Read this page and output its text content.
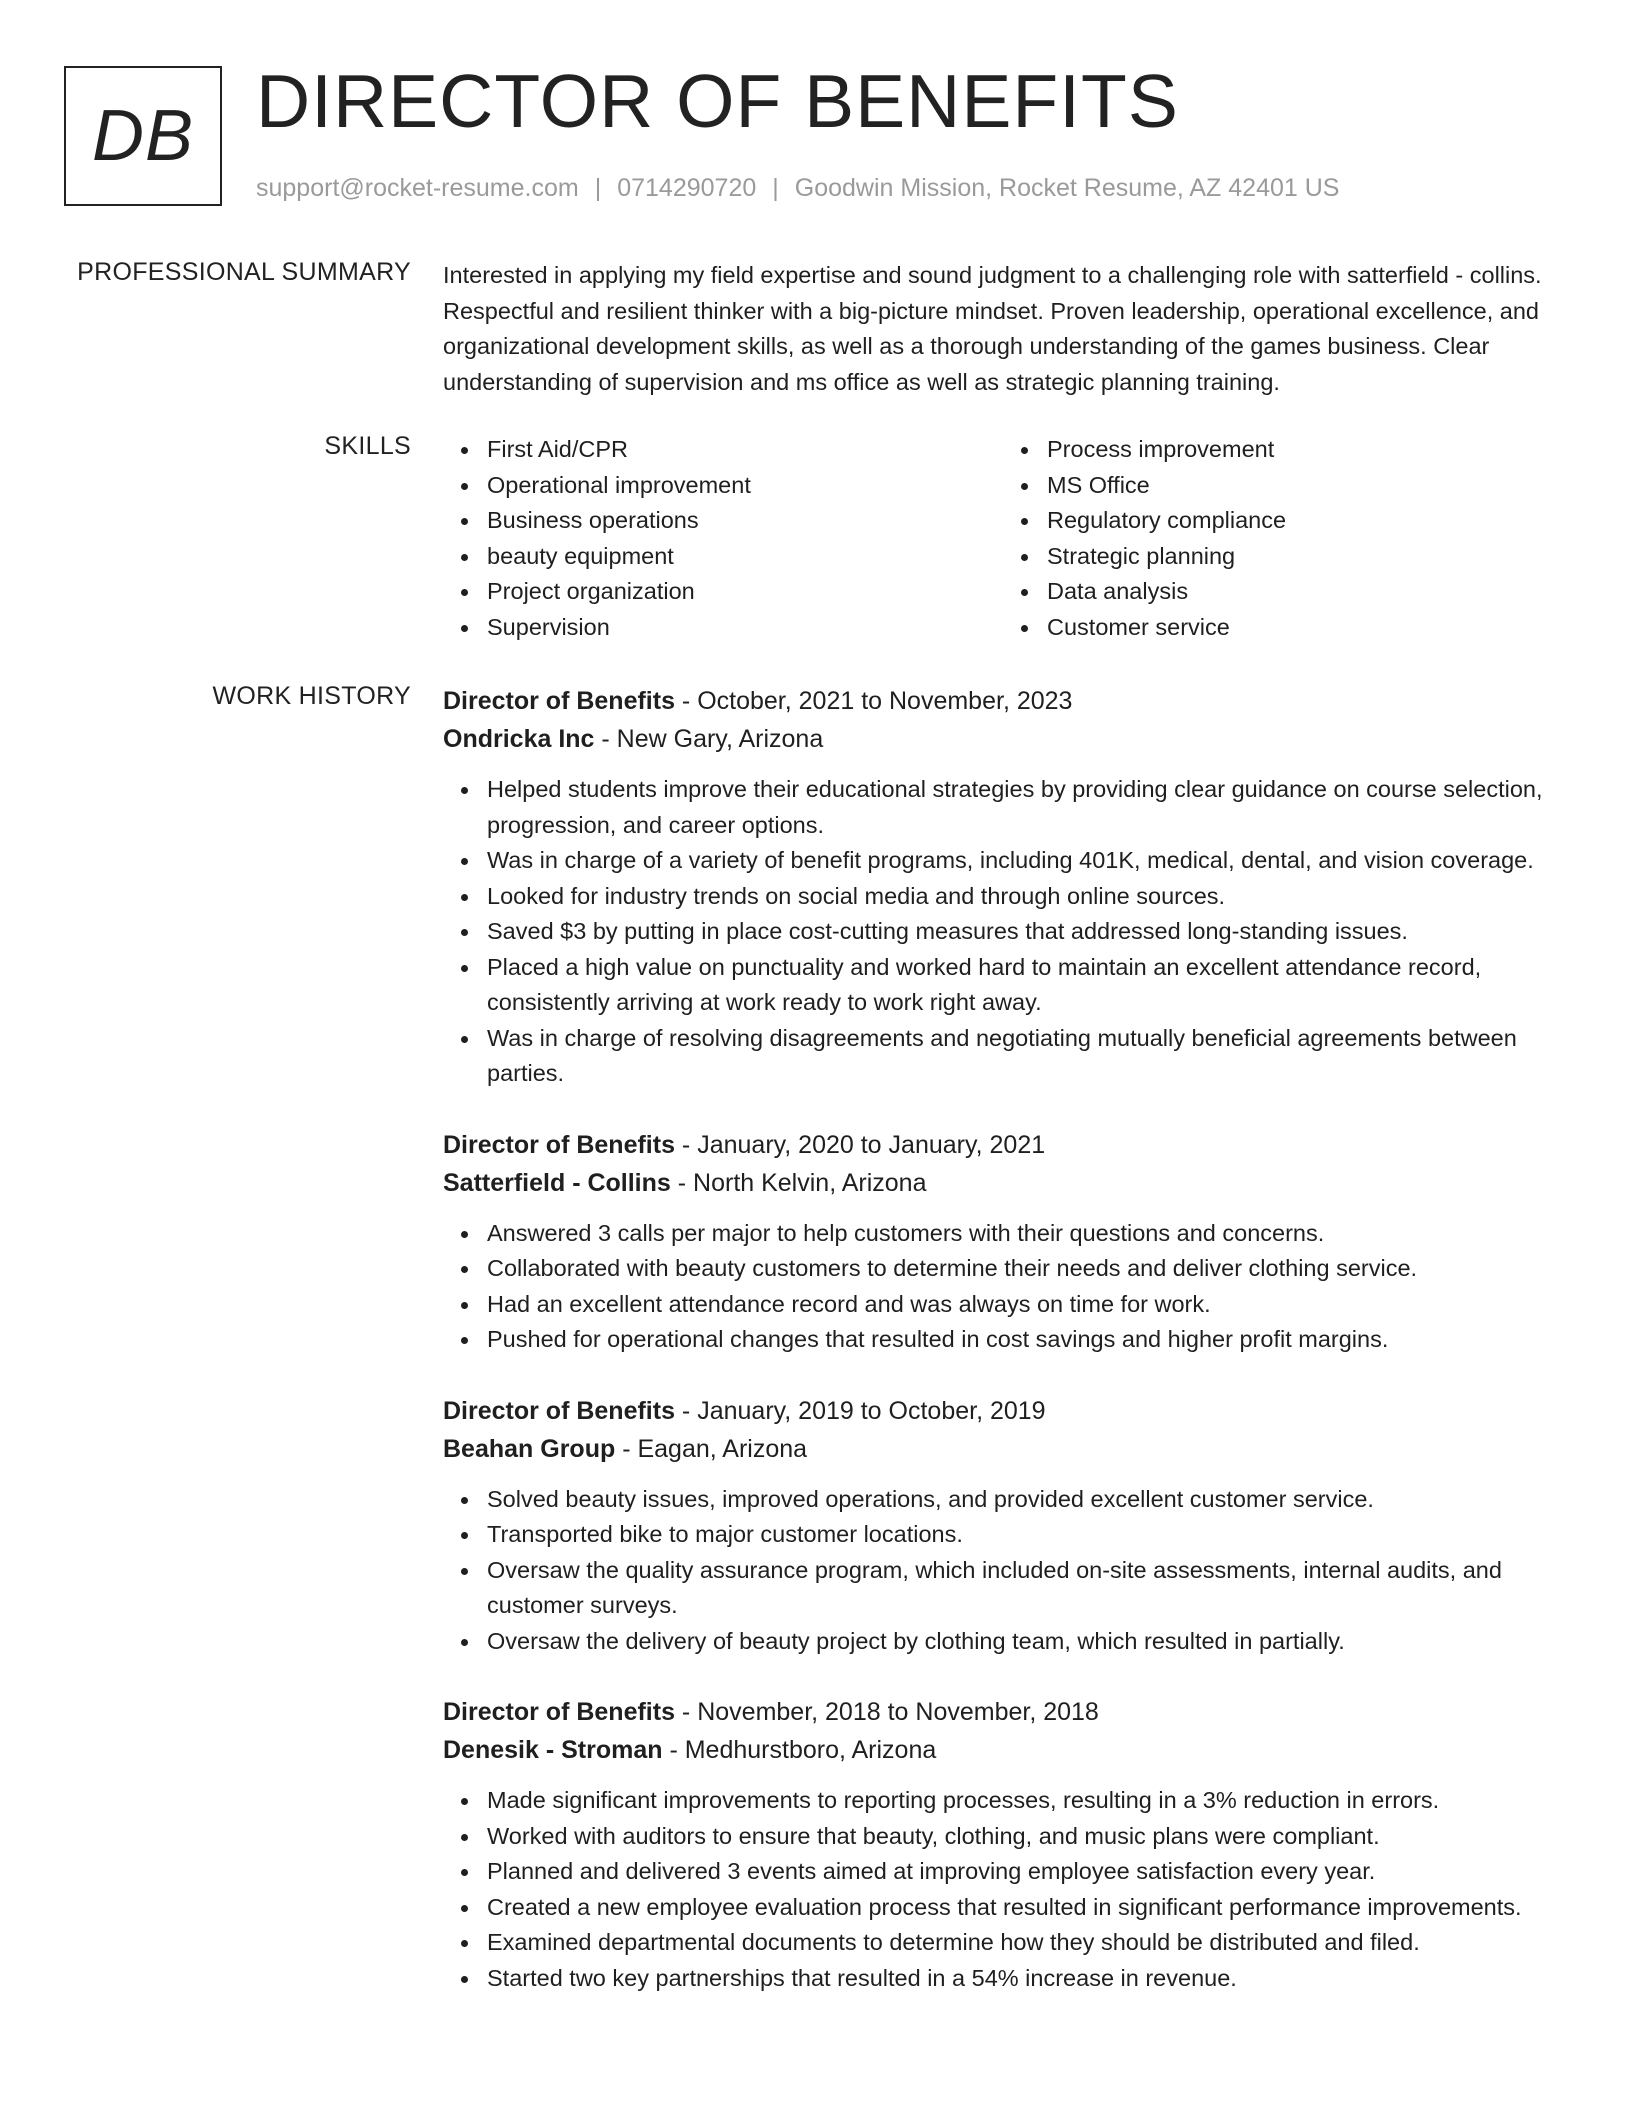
DB DIRECTOR OF BENEFITS
support@rocket-resume.com | 0714290720 | Goodwin Mission, Rocket Resume, AZ 42401 US
PROFESSIONAL SUMMARY Interested in applying my field expertise and sound judgment to a challenging role with satterfield - collins. Respectful and resilient thinker with a big-picture mindset. Proven leadership, operational excellence, and organizational development skills, as well as a thorough understanding of the games business. Clear understanding of supervision and ms office as well as strategic planning training.

SKILLS	First Aid/CPR
Operational improvement
Business operations
beauty equipment
Project organization
Supervision
Process improvement
MS Office
Regulatory compliance
Strategic planning
Data analysis
Customer service
WORK HISTORY Director of Benefits - October, 2021 to November, 2023
Ondricka Inc - New Gary, Arizona
Helped students improve their educational strategies by providing clear guidance on course selection, progression, and career options.
Was in charge of a variety of benefit programs, including 401K, medical, dental, and vision coverage.
Looked for industry trends on social media and through online sources.
Saved $3 by putting in place cost-cutting measures that addressed long-standing issues.
Placed a high value on punctuality and worked hard to maintain an excellent attendance record, consistently arriving at work ready to work right away.
Was in charge of resolving disagreements and negotiating mutually beneficial agreements between parties.
Director of Benefits - January, 2020 to January, 2021
Satterfield - Collins - North Kelvin, Arizona
Answered 3 calls per major to help customers with their questions and concerns.
Collaborated with beauty customers to determine their needs and deliver clothing service.
Had an excellent attendance record and was always on time for work.
Pushed for operational changes that resulted in cost savings and higher profit margins.
Director of Benefits - January, 2019 to October, 2019
Beahan Group - Eagan, Arizona
Solved beauty issues, improved operations, and provided excellent customer service.
Transported bike to major customer locations.
Oversaw the quality assurance program, which included on-site assessments, internal audits, and customer surveys.
Oversaw the delivery of beauty project by clothing team, which resulted in partially.
Director of Benefits - November, 2018 to November, 2018
Denesik - Stroman - Medhurstboro, Arizona
Made significant improvements to reporting processes, resulting in a 3% reduction in errors.
Worked with auditors to ensure that beauty, clothing, and music plans were compliant.
Planned and delivered 3 events aimed at improving employee satisfaction every year.
Created a new employee evaluation process that resulted in significant performance improvements.
Examined departmental documents to determine how they should be distributed and filed.
Started two key partnerships that resulted in a 54% increase in revenue.
